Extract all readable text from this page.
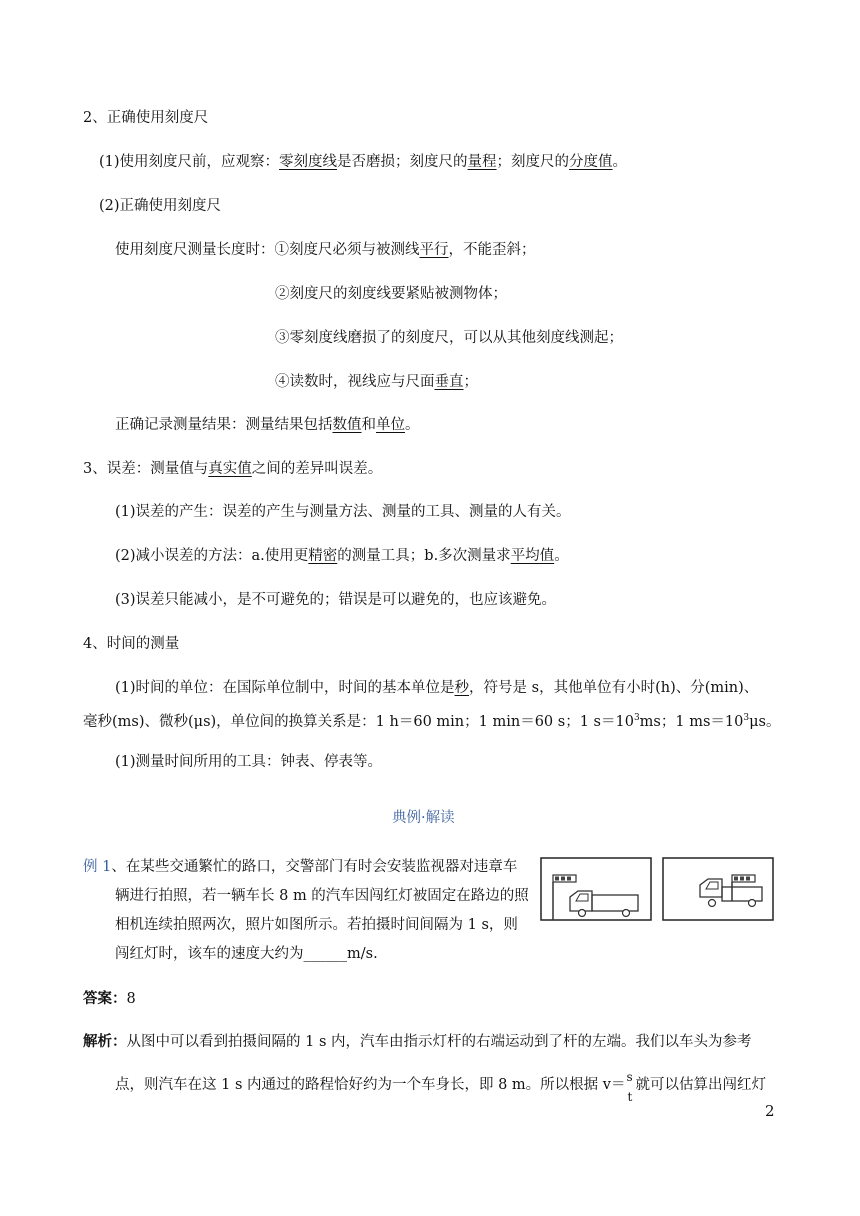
2、正确使用刻度尺
(1)使用刻度尺前，应观察：零刻度线是否磨损；刻度尺的量程；刻度尺的分度值。
(2)正确使用刻度尺
使用刻度尺测量长度时：①刻度尺必须与被测线平行，不能歪斜；
②刻度尺的刻度线要紧贴被测物体；
③零刻度线磨损了的刻度尺，可以从其他刻度线测起；
④读数时，视线应与尺面垂直；
正确记录测量结果：测量结果包括数值和单位。
3、误差：测量值与真实值之间的差异叫误差。
(1)误差的产生：误差的产生与测量方法、测量的工具、测量的人有关。
(2)减小误差的方法：a.使用更精密的测量工具；b.多次测量求平均值。
(3)误差只能减小，是不可避免的；错误是可以避免的，也应该避免。
4、时间的测量
(1)时间的单位：在国际单位制中，时间的基本单位是秒，符号是 s，其他单位有小时(h)、分(min)、
毫秒(ms)、微秒(μs)，单位间的换算关系是：1 h＝60 min；1 min＝60 s；1 $s=10^3ms$；1 $ms=10^3\mu s$。
(1)测量时间所用的工具：钟表、停表等。
典例·解读
例 1、在某些交通繁忙的路口，交警部门有时会安装监视器对违章车
辆进行拍照，若一辆车长 8 m 的汽车因闯红灯被固定在路边的照
相机连续拍照两次，照片如图所示。若拍摄时间间隔为 1 s，则
闯红灯时，该车的速度大约为______m/s.
答案：8
解析：从图中可以看到拍摄间隔的 1 s 内，汽车由指示灯杆的右端运动到了杆的左端。我们以车头为参考
点，则汽车在这 1 s 内通过的路程恰好约为一个车身长，即 8 m。所以根据 v＝ s
t
就可以估算出闯红灯
2
